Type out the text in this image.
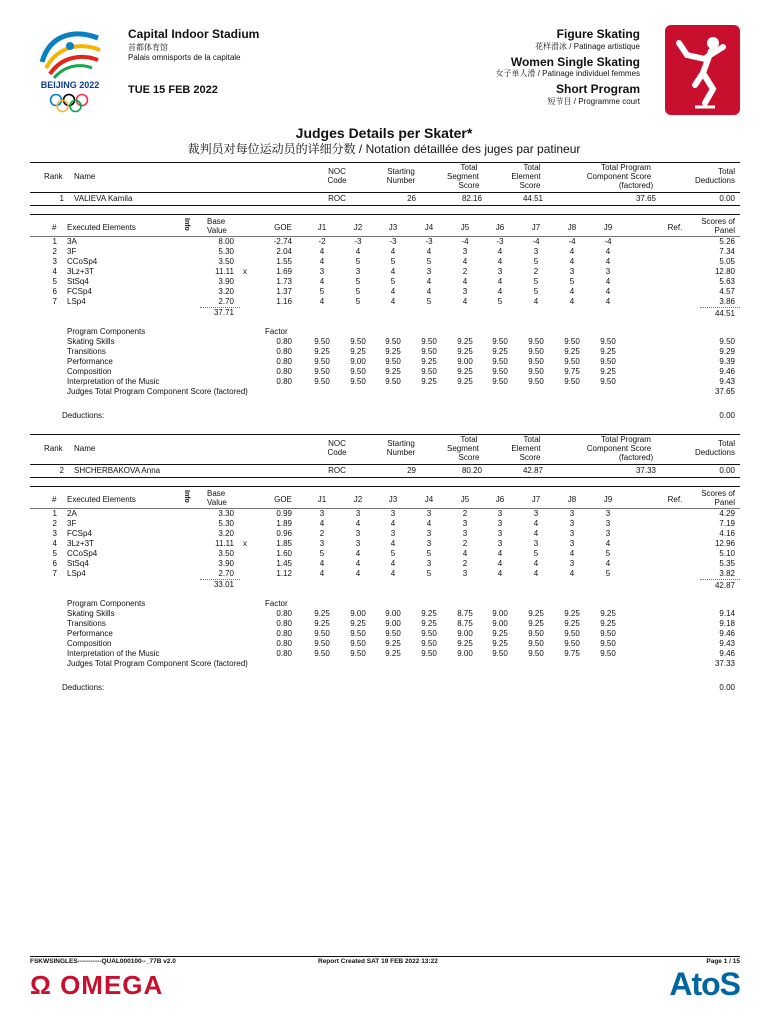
BEIJING 2022
Capital Indoor Stadium
首都体育馆
Palais omnisports de la capitale
TUE 15 FEB 2022
Figure Skating
花样滑冰 / Patinage artistique
Women Single Skating
女子单人滑 / Patinage individuel femmes
Short Program
短节目 / Programme court
Judges Details per Skater*
裁判员对每位运动员的详细分数 / Notation détaillée des juges par patineur
Rank Name
NOC
Code
Starting
Number
Total
Segment
Score
Total
Element
Score
Total Program
Component Score
(factored)
Total
Deductions
1 VALIEVA Kamila	ROC	26	82.16	44.51	37.65	0.00
# Executed Elements	Info Base
Value	GOE	J1	J2	J3	J4	J5	J6	J7	J8	J9	Ref.
Scores of
Panel
1 3A	8.00	-2.74	-2	-3	-3	-3	-4	-3	-4	-4	-4	5.26
2 3F	5.30	2.04	4	4	4	4	3	4	3	4	4	7.34
3 CCoSp4	3.50	1.55	4	5	5	5	4	4	5	4	4	5.05
4 3Lz+3T	11.11 x	1.69	3	3	4	3	2	3	2	3	3	12.80
5 StSq4	3.90	1.73	4	5	5	4	4	4	5	5	4	5.63
6 FCSp4	3.20	1.37	5	5	4	4	3	4	5	4	4	4.57
7 LSp4	2.70	1.16	4	5	4	5	4	5	4	4	4	3.86
37.71	44.51
Program Components	Factor
Skating Skills	0.80	9.50	9.50	9.50	9.50	9.25	9.50	9.50	9.50	9.50	9.50
Transitions	0.80	9.25	9.25	9.25	9.50	9.25	9.25	9.50	9.25	9.25	9.29
Performance	0.80	9.50	9.00	9.50	9.25	9.00	9.50	9.50	9.50	9.50	9.39
Composition	0.80	9.50	9.50	9.25	9.50	9.25	9.50	9.50	9.75	9.25	9.46
Interpretation of the Music	0.80	9.50	9.50	9.50	9.25	9.25	9.50	9.50	9.50	9.50	9.43
Judges Total Program Component Score (factored)	37.65
Deductions:	0.00
Rank Name
NOC
Code
Starting
Number
Total
Segment
Score
Total
Element
Score
Total Program
Component Score
(factored)
Total
Deductions
2 SHCHERBAKOVA Anna	ROC	29	80.20	42.87	37.33	0.00
# Executed Elements	Info Base
Value	GOE	J1	J2	J3	J4	J5	J6	J7	J8	J9	Ref.
Scores of
Panel
1 2A	3.30	0.99	3	3	3	3	2	3	3	3	3	4.29
2 3F	5.30	1.89	4	4	4	4	3	3	4	3	3	7.19
3 FCSp4	3.20	0.96	2	3	3	3	3	3	4	3	3	4.16
4 3Lz+3T	11.11 x	1.85	3	3	4	3	2	3	3	3	4	12.96
5 CCoSp4	3.50	1.60	5	4	5	5	4	4	5	4	5	5.10
6 StSq4	3.90	1.45	4	4	4	3	2	4	4	3	4	5.35
7 LSp4	2.70	1.12	4	4	4	5	3	4	4	4	5	3.82
33.01	42.87
Program Components	Factor
Skating Skills	0.80	9.25	9.00	9.00	9.25	8.75	9.00	9.25	9.25	9.25	9.14
Transitions	0.80	9.25	9.25	9.00	9.25	8.75	9.00	9.25	9.25	9.25	9.18
Performance	0.80	9.50	9.50	9.50	9.50	9.00	9.25	9.50	9.50	9.50	9.46
Composition	0.80	9.50	9.50	9.25	9.50	9.25	9.25	9.50	9.50	9.50	9.43
Interpretation of the Music	0.80	9.50	9.50	9.25	9.50	9.00	9.50	9.50	9.75	9.50	9.46
Judges Total Program Component Score (factored)	37.33
Deductions:	0.00
FSKWSINGLES-----------QUAL000100--_77B v2.0	Report Created SAT 19 FEB 2022 13:22	Page 1 / 15
Ω OMEGA	AtoS
